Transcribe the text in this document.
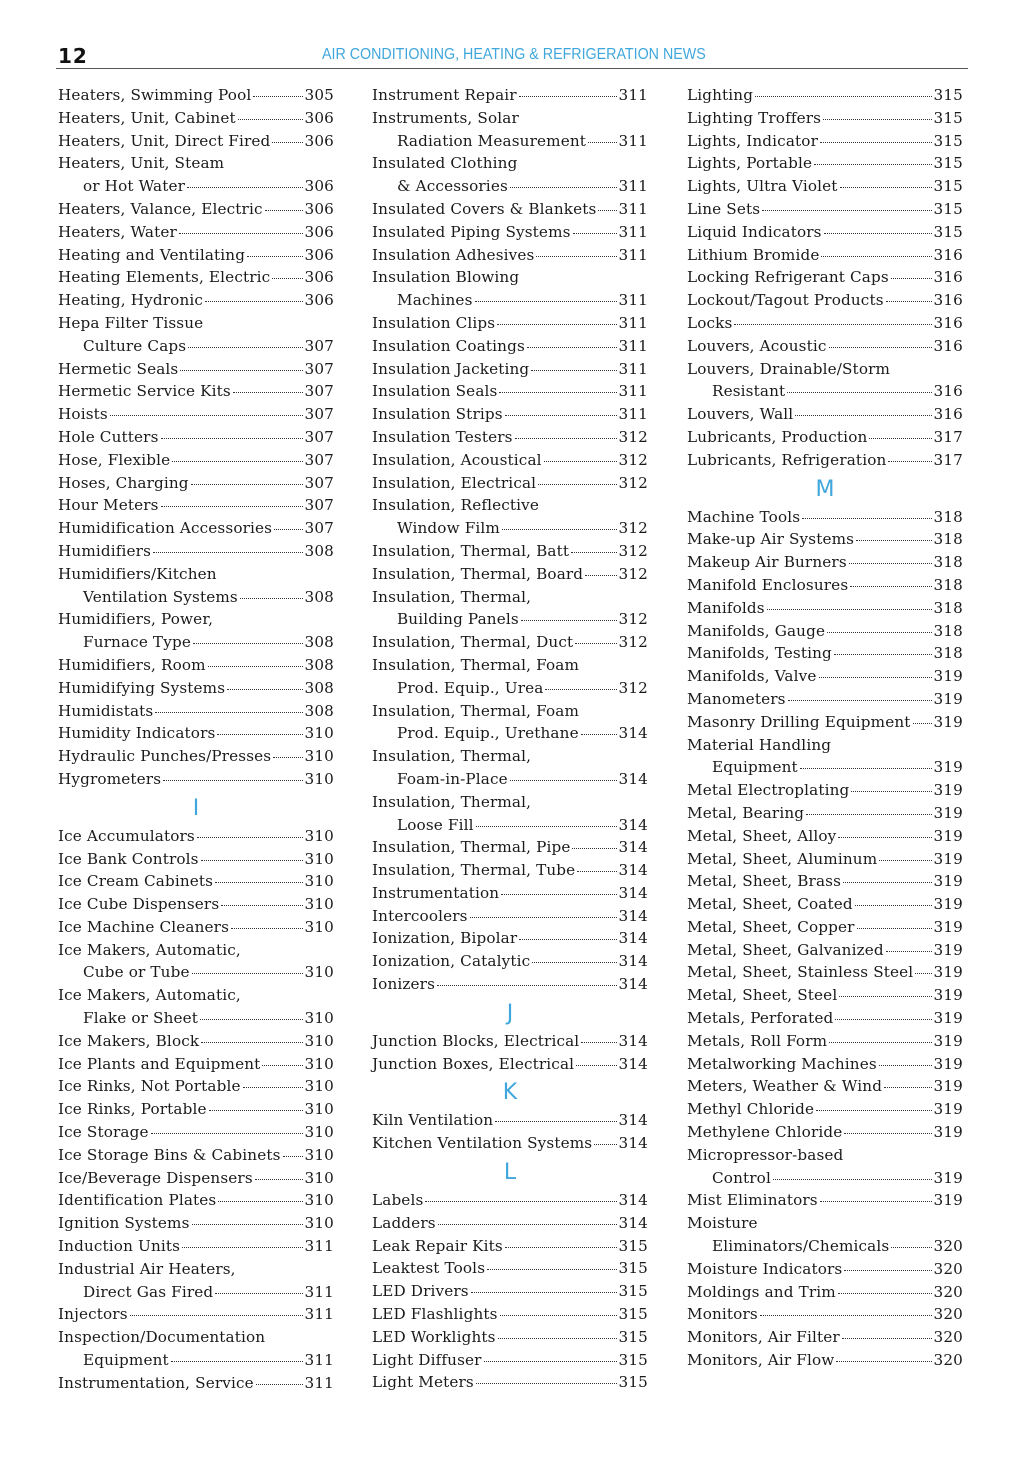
12	AIR CONDITIONING, HEATING & REFRIGERATION NEWS
Heaters, Swimming Pool	305
Heaters, Unit, Cabinet	306
Heaters, Unit, Direct Fired 306
Heaters, Unit, Steam
or Hot Water	306
Heaters, Valance, Electric	306
Heaters, Water	306
Heating and Ventilating	306
Heating Elements, Electric 306
Heating, Hydronic	306
Hepa Filter Tissue
Culture Caps	307
Hermetic Seals	307
Hermetic Service Kits	307
Hoists	307
Hole Cutters	307
Hose, Flexible	307
Hoses, Charging	307
Hour Meters	307
Humidification Accessories 307
Humidifiers	308
Humidifiers/Kitchen
Ventilation Systems	308
Humidifiers, Power,
Furnace Type	308
Humidifiers, Room	308
Humidifying Systems	308
Humidistats	308
Humidity Indicators	310
Hydraulic Punches/Presses 310
Hygrometers	310
I
Ice Accumulators	310
Ice Bank Controls	310
Ice Cream Cabinets	310
Ice Cube Dispensers	310
Ice Machine Cleaners	310
Ice Makers, Automatic,
Cube or Tube	310
Ice Makers, Automatic,
Flake or Sheet	310
Ice Makers, Block	310
Ice Plants and Equipment	310
Ice Rinks, Not Portable	310
Ice Rinks, Portable	310
Ice Storage	310
Ice Storage Bins & Cabinets 310
Ice/Beverage Dispensers	310
Identification Plates	310
Ignition Systems	310
Induction Units	311
Industrial Air Heaters,
Direct Gas Fired	311
Injectors	311
Inspection/Documentation
Equipment	311
Instrumentation, Service	311
Instrument Repair	311
Instruments, Solar
Radiation Measurement 311
Insulated Clothing
& Accessories	311
Insulated Covers & Blankets 311
Insulated Piping Systems	311
Insulation Adhesives	311
Insulation Blowing
Machines	311
Insulation Clips	311
Insulation Coatings	311
Insulation Jacketing	311
Insulation Seals	311
Insulation Strips	311
Insulation Testers	312
Insulation, Acoustical	312
Insulation, Electrical	312
Insulation, Reflective
Window Film	312
Insulation, Thermal, Batt	312
Insulation, Thermal, Board 312
Insulation, Thermal,
Building Panels	312
Insulation, Thermal, Duct	312
Insulation, Thermal, Foam
Prod. Equip., Urea	312
Insulation, Thermal, Foam
Prod. Equip., Urethane	314
Insulation, Thermal,
Foam-in-Place	314
Insulation, Thermal,
Loose Fill	314
Insulation, Thermal, Pipe	314
Insulation, Thermal, Tube	314
Instrumentation	314
Intercoolers	314
Ionization, Bipolar	314
Ionization, Catalytic	314
Ionizers	314
J
Junction Blocks, Electrical	314
Junction Boxes, Electrical	314
K
Kiln Ventilation	314
Kitchen Ventilation Systems 314
L
Labels	314
Ladders	314
Leak Repair Kits	315
Leaktest Tools	315
LED Drivers	315
LED Flashlights	315
LED Worklights	315
Light Diffuser	315
Light Meters	315
Lighting	315
Lighting Troffers	315
Lights, Indicator	315
Lights, Portable	315
Lights, Ultra Violet	315
Line Sets	315
Liquid Indicators	315
Lithium Bromide	316
Locking Refrigerant Caps	316
Lockout/Tagout Products	316
Locks	316
Louvers, Acoustic	316
Louvers, Drainable/Storm
Resistant	316
Louvers, Wall	316
Lubricants, Production	317
Lubricants, Refrigeration	317
M
Machine Tools	318
Make-up Air Systems	318
Makeup Air Burners	318
Manifold Enclosures	318
Manifolds	318
Manifolds, Gauge	318
Manifolds, Testing	318
Manifolds, Valve	319
Manometers	319
Masonry Drilling Equipment 319
Material Handling
Equipment	319
Metal Electroplating	319
Metal, Bearing	319
Metal, Sheet, Alloy	319
Metal, Sheet, Aluminum	319
Metal, Sheet, Brass	319
Metal, Sheet, Coated	319
Metal, Sheet, Copper	319
Metal, Sheet, Galvanized	319
Metal, Sheet, Stainless Steel 319
Metal, Sheet, Steel	319
Metals, Perforated	319
Metals, Roll Form	319
Metalworking Machines	319
Meters, Weather & Wind	319
Methyl Chloride	319
Methylene Chloride	319
Micropressor-based
Control	319
Mist Eliminators	319
Moisture
Eliminators/Chemicals	320
Moisture Indicators	320
Moldings and Trim	320
Monitors	320
Monitors, Air Filter	320
Monitors, Air Flow	320
